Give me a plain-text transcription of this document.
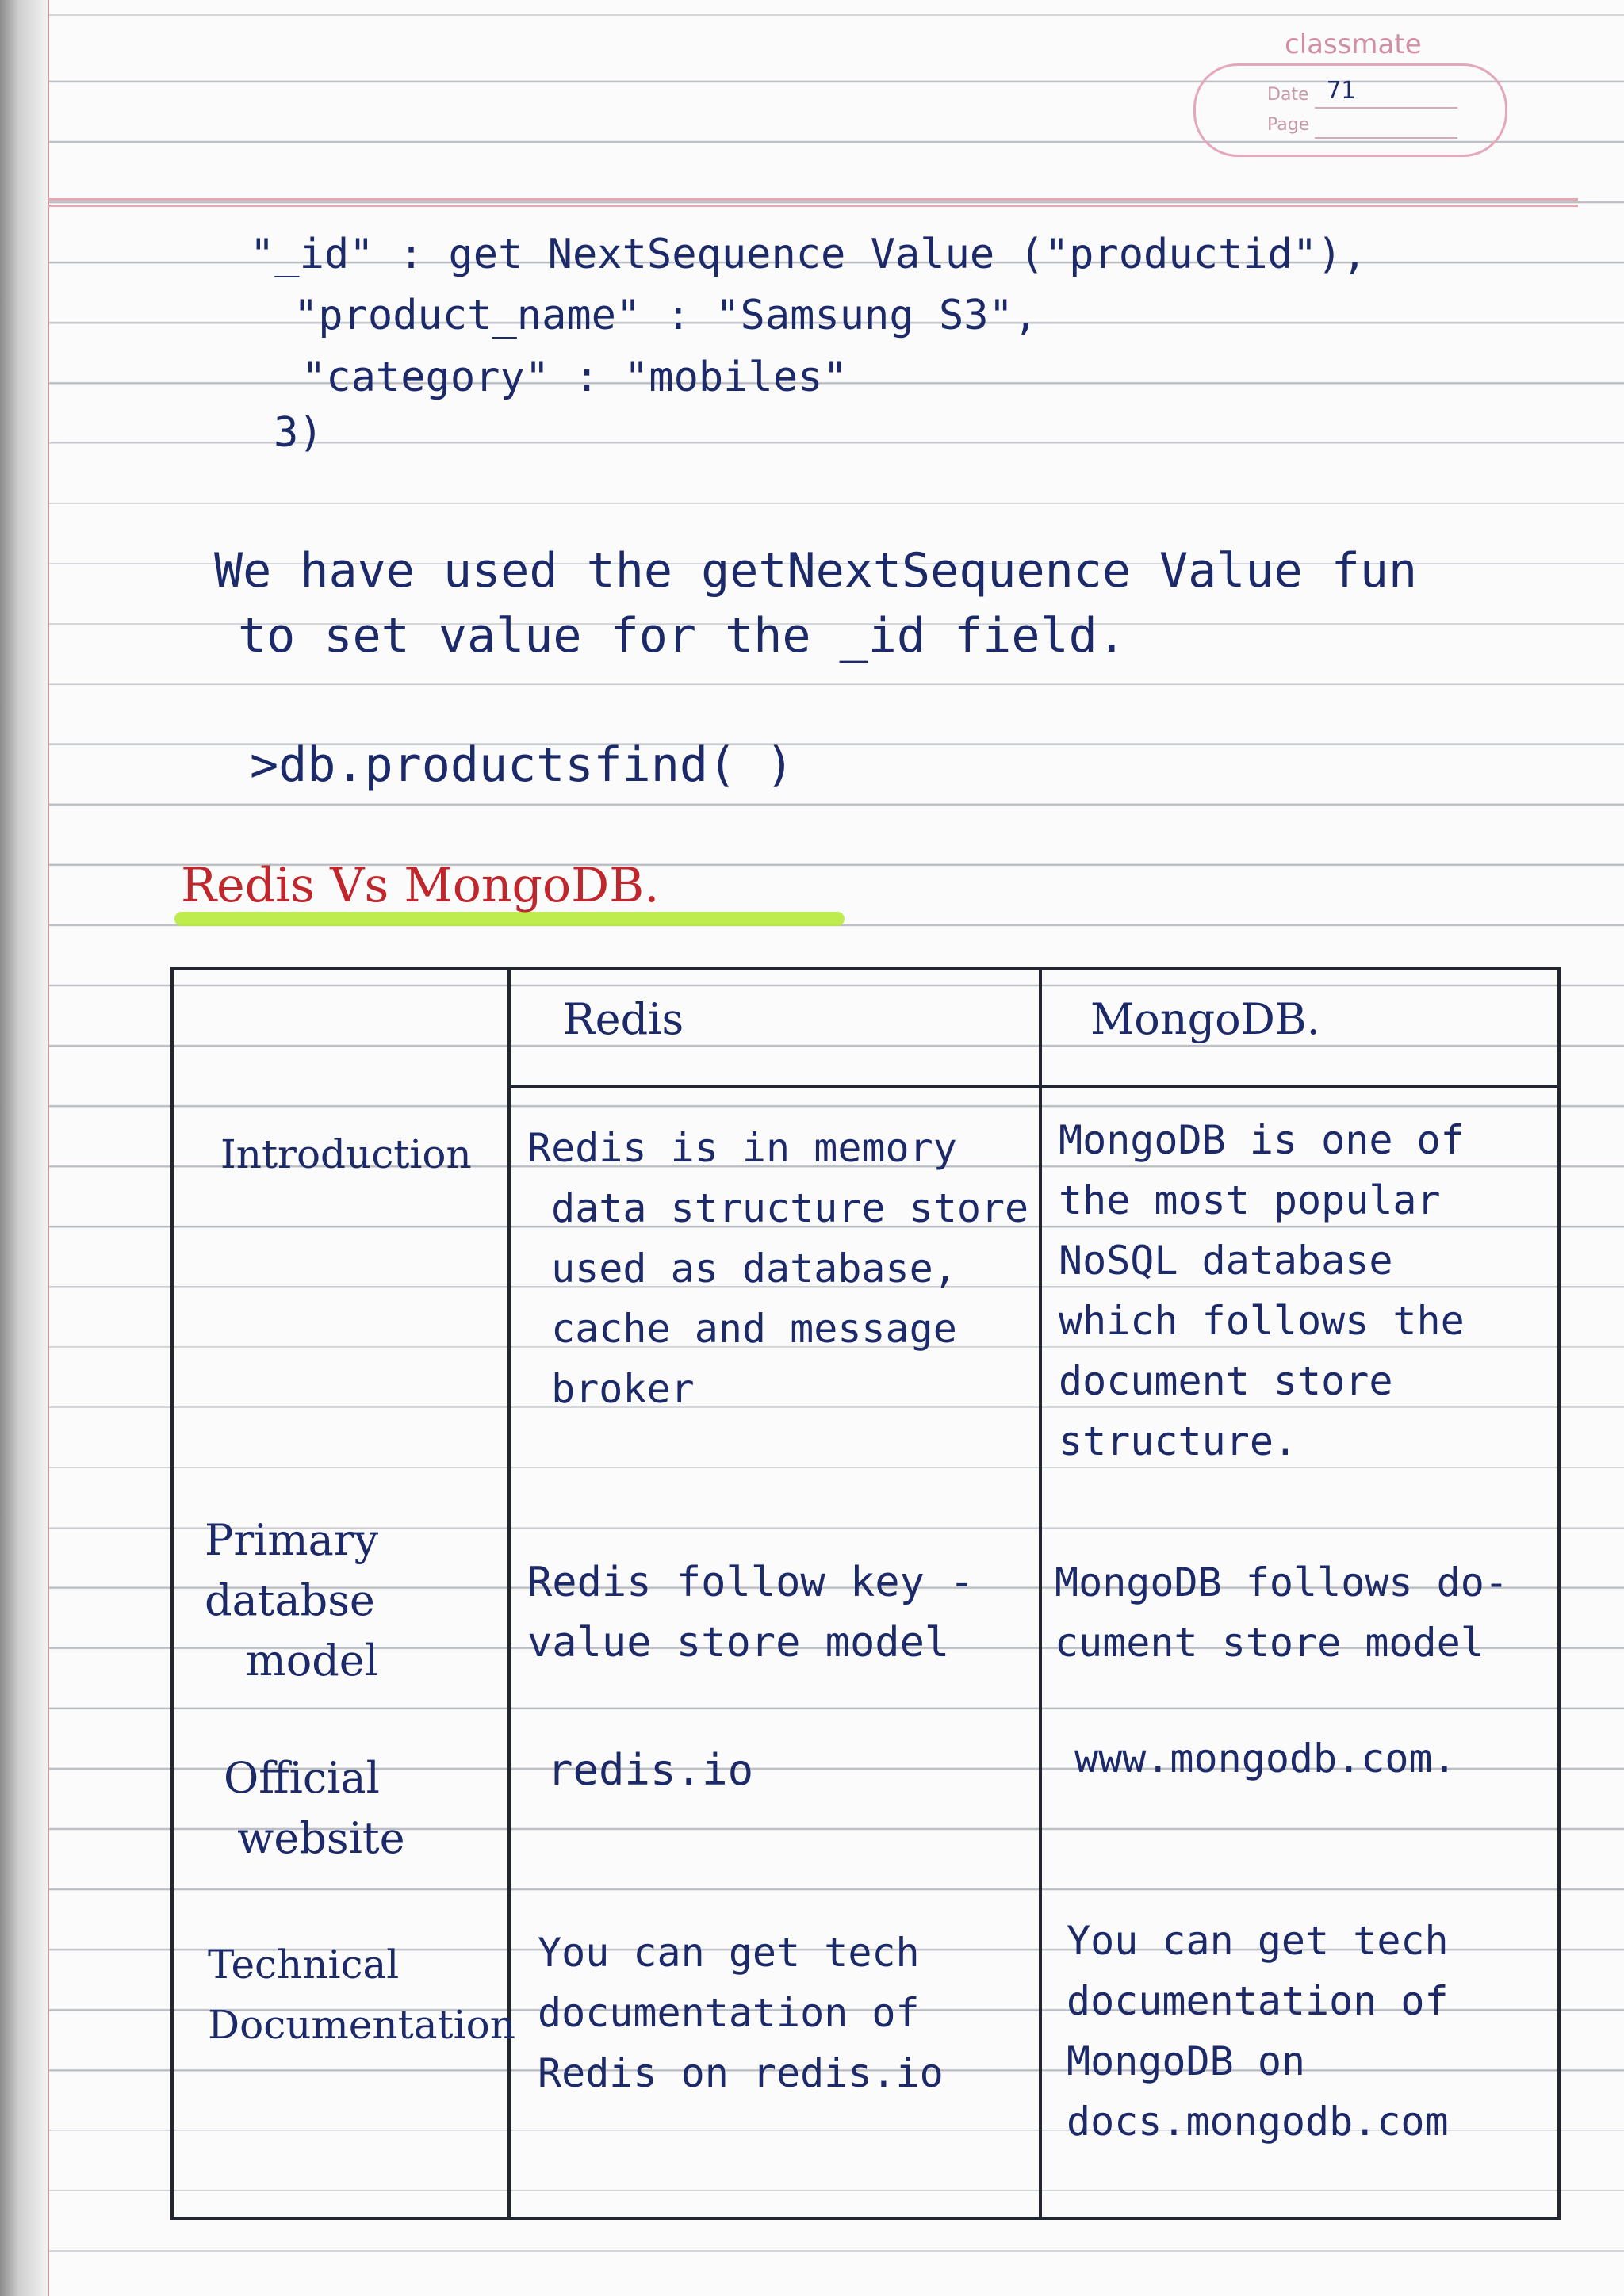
classmate
Date 71
Page

"_id" : get NextSequence Value ("productid"),

"product_name" : "Samsung S3",

"category" : "mobiles"

3)

We have used the getNextSequence Value fun

to set value for the _id field.

>db.productsfind( )

Redis Vs MongoDB.

Redis	MongoDB.

Introduction Redis is in memory
data structure store
used as database,
cache and message
broker

MongoDB is one of
the most popular
NoSQL database
which follows the
document store
structure.

Primary
databse
model

Redis follow key -
value store model

MongoDB follows do-
cument store model

Official
website

redis.io	www.mongodb.com.

Technical
Documentation

You can get tech
documentation of
Redis on redis.io

You can get tech
documentation of
MongoDB on
docs.mongodb.com
